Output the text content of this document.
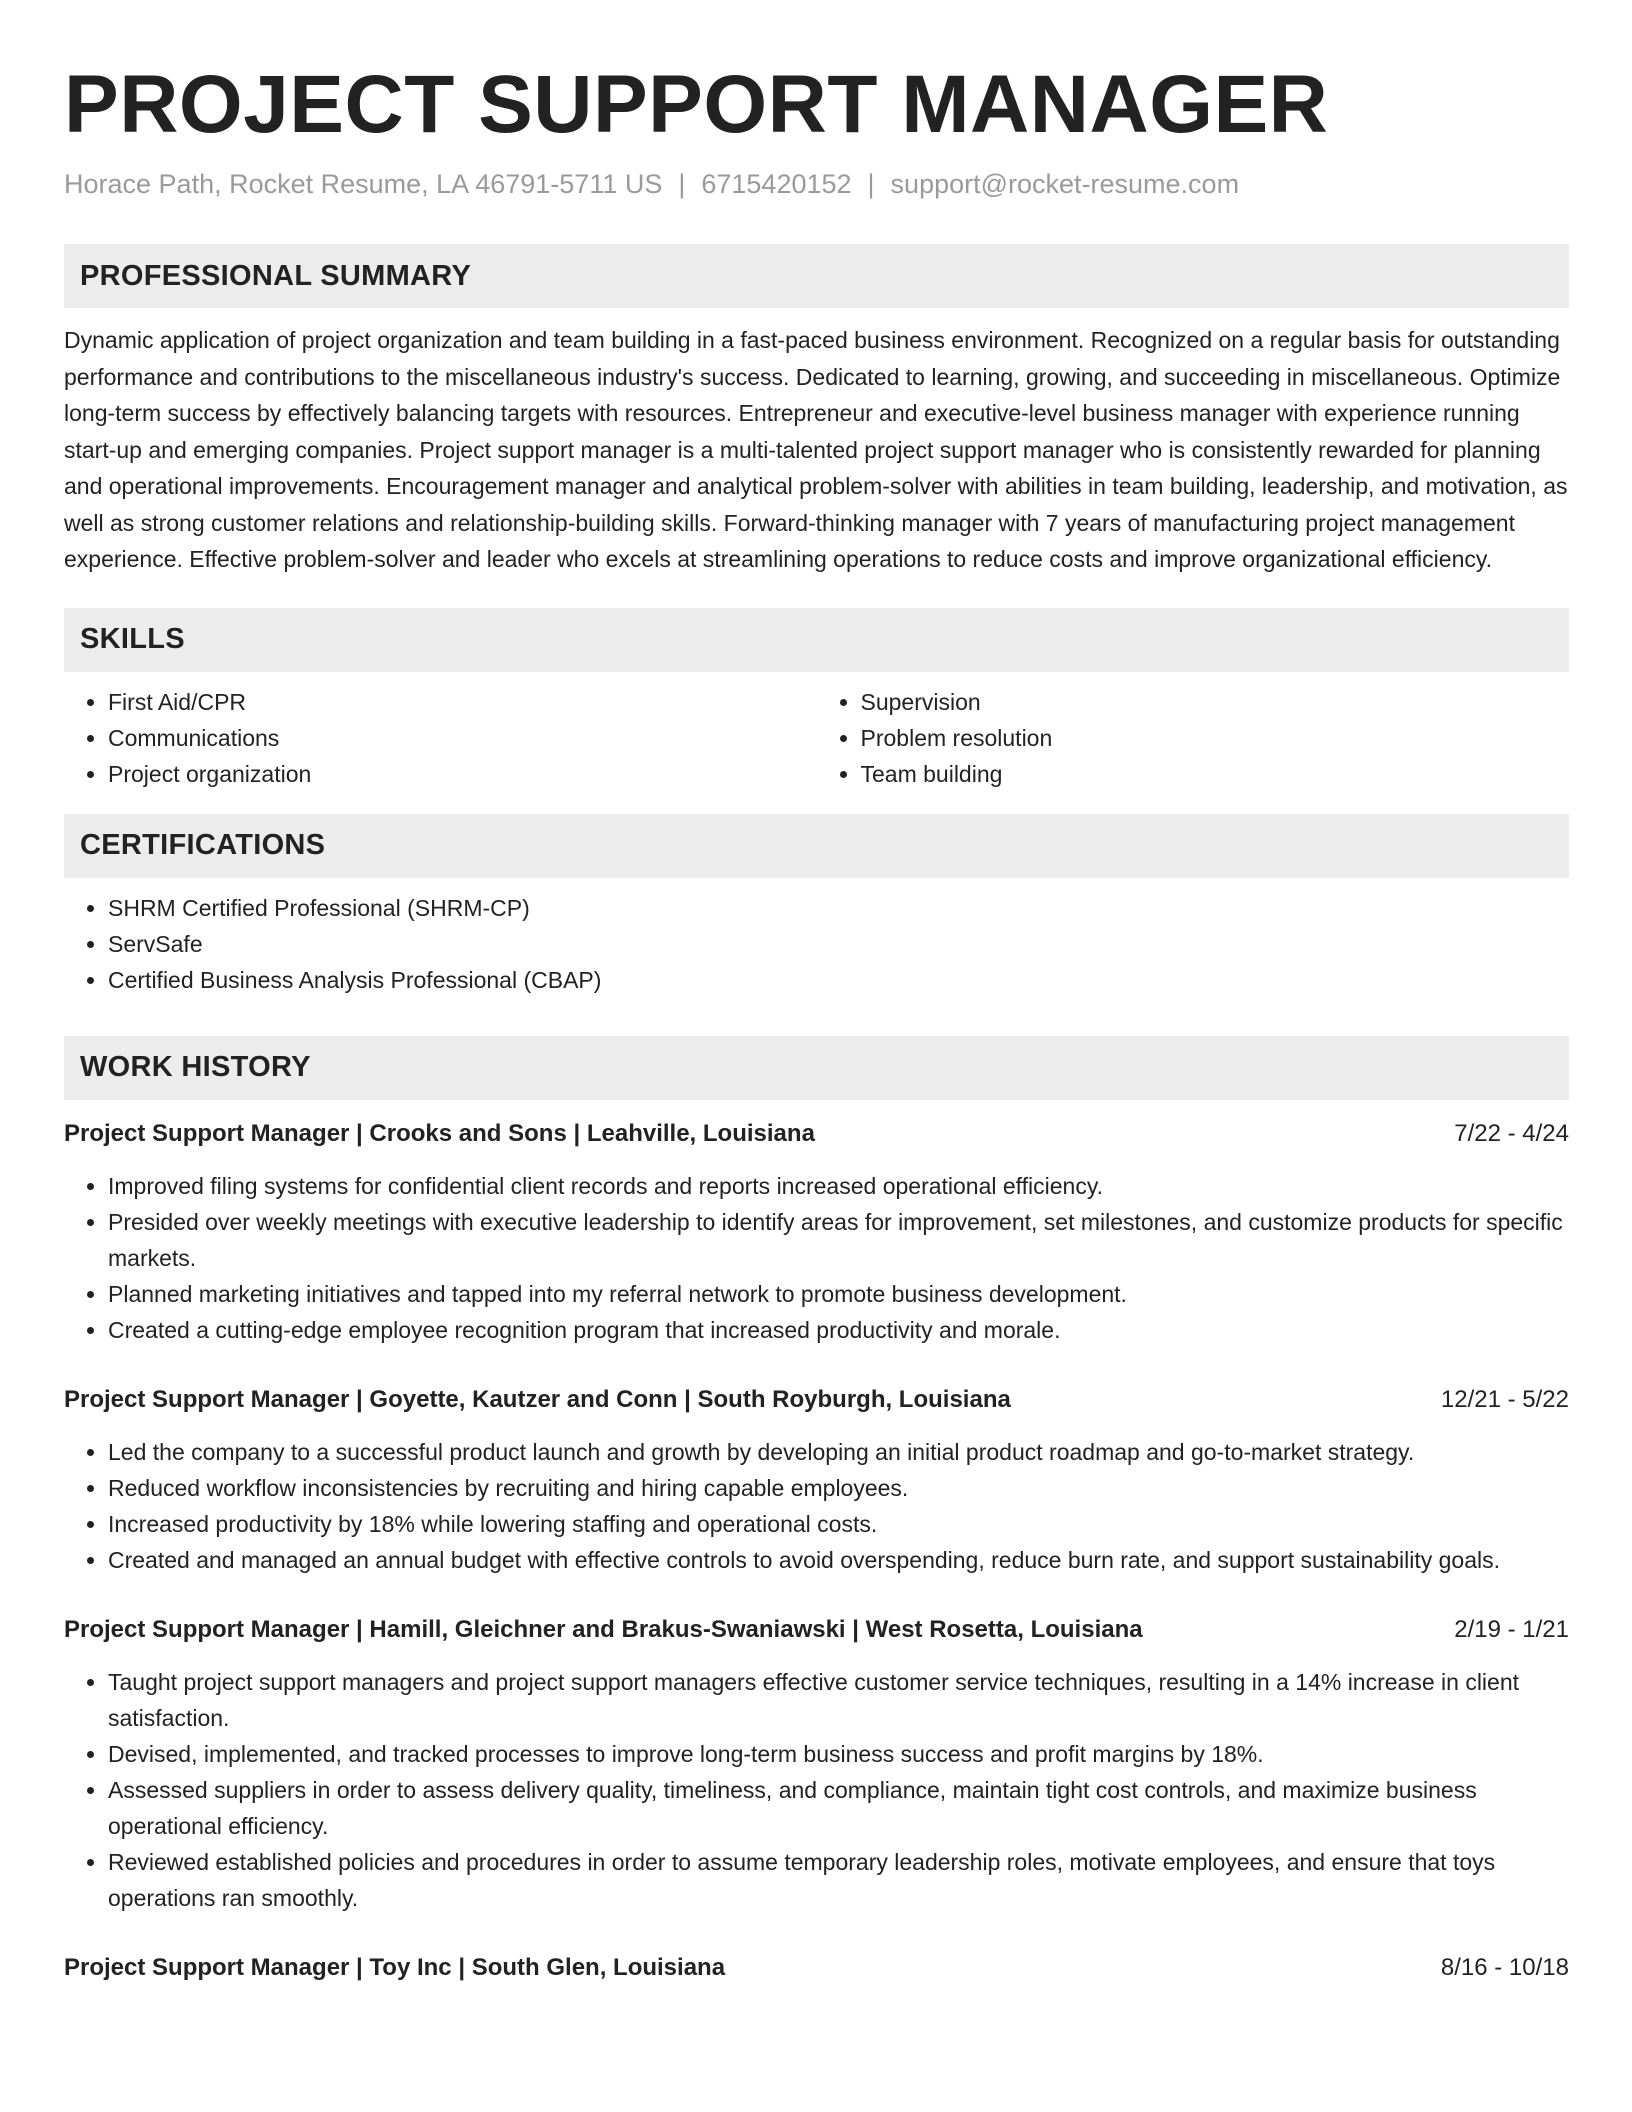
PROJECT SUPPORT MANAGER
Horace Path, Rocket Resume, LA 46791-5711 US | 6715420152 | support@rocket-resume.com
PROFESSIONAL SUMMARY
Dynamic application of project organization and team building in a fast-paced business environment. Recognized on a regular basis for outstanding performance and contributions to the miscellaneous industry's success. Dedicated to learning, growing, and succeeding in miscellaneous. Optimize long-term success by effectively balancing targets with resources. Entrepreneur and executive-level business manager with experience running start-up and emerging companies. Project support manager is a multi-talented project support manager who is consistently rewarded for planning and operational improvements. Encouragement manager and analytical problem-solver with abilities in team building, leadership, and motivation, as well as strong customer relations and relationship-building skills. Forward-thinking manager with 7 years of manufacturing project management experience. Effective problem-solver and leader who excels at streamlining operations to reduce costs and improve organizational efficiency.
SKILLS
• First Aid/CPR
• Communications
• Project organization
• Supervision
• Problem resolution
• Team building
CERTIFICATIONS
• SHRM Certified Professional (SHRM-CP)
• ServSafe
• Certified Business Analysis Professional (CBAP)
WORK HISTORY
Project Support Manager | Crooks and Sons | Leahville, Louisiana	7/22 - 4/24
• Improved filing systems for confidential client records and reports increased operational efficiency.
• Presided over weekly meetings with executive leadership to identify areas for improvement, set milestones, and customize products for specific markets.
• Planned marketing initiatives and tapped into my referral network to promote business development.
• Created a cutting-edge employee recognition program that increased productivity and morale.
Project Support Manager | Goyette, Kautzer and Conn | South Royburgh, Louisiana	12/21 - 5/22
• Led the company to a successful product launch and growth by developing an initial product roadmap and go-to-market strategy.
• Reduced workflow inconsistencies by recruiting and hiring capable employees.
• Increased productivity by 18% while lowering staffing and operational costs.
• Created and managed an annual budget with effective controls to avoid overspending, reduce burn rate, and support sustainability goals.
Project Support Manager | Hamill, Gleichner and Brakus-Swaniawski | West Rosetta, Louisiana	2/19 - 1/21
• Taught project support managers and project support managers effective customer service techniques, resulting in a 14% increase in client satisfaction.
• Devised, implemented, and tracked processes to improve long-term business success and profit margins by 18%.
• Assessed suppliers in order to assess delivery quality, timeliness, and compliance, maintain tight cost controls, and maximize business operational efficiency.
• Reviewed established policies and procedures in order to assume temporary leadership roles, motivate employees, and ensure that toys operations ran smoothly.
Project Support Manager | Toy Inc | South Glen, Louisiana	8/16 - 10/18
